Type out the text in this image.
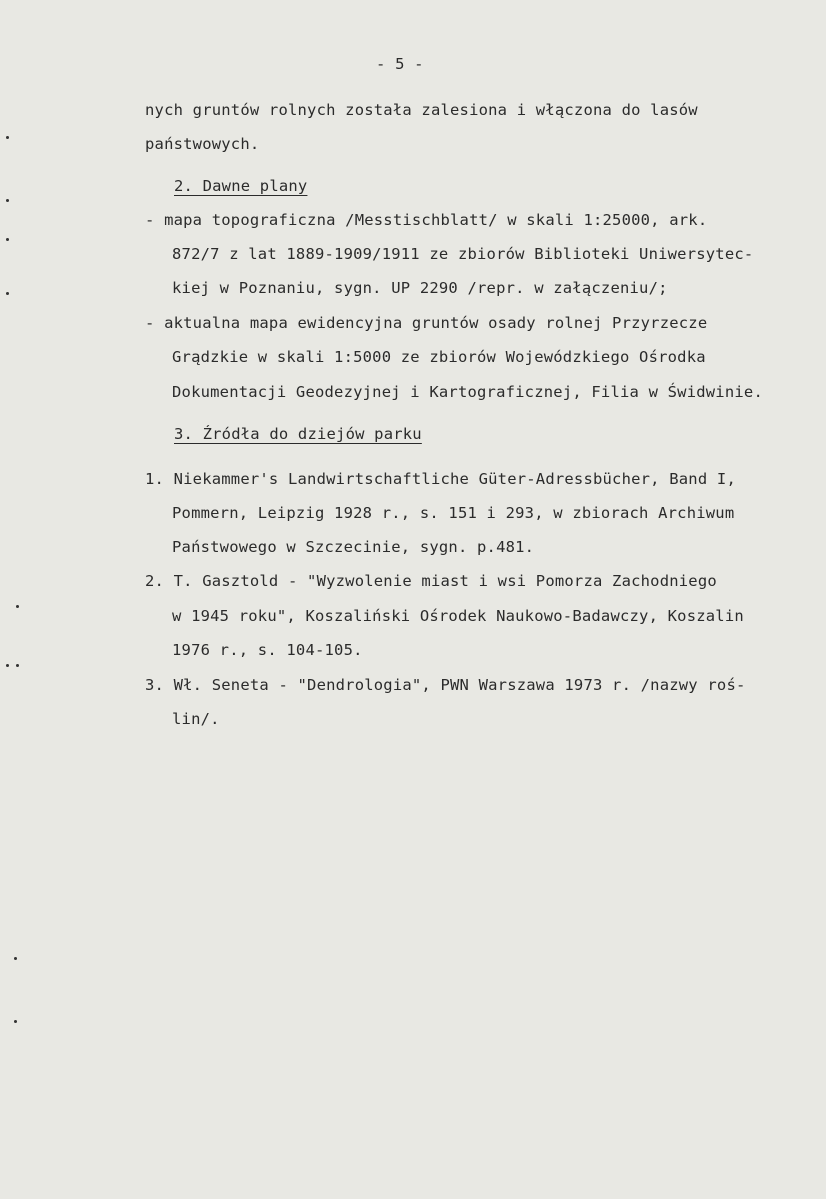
- 5 -
nych gruntów rolnych została zalesiona i włączona do lasów
państwowych.
2. Dawne plany
- mapa topograficzna /Messtischblatt/ w skali 1:25000, ark.
872/7 z lat 1889-1909/1911 ze zbiorów Biblioteki Uniwersytec-
kiej w Poznaniu, sygn. UP 2290 /repr. w załączeniu/;
- aktualna mapa ewidencyjna gruntów osady rolnej Przyrzecze
Grądzkie w skali 1:5000 ze zbiorów Wojewódzkiego Ośrodka
Dokumentacji Geodezyjnej i Kartograficznej, Filia w Świdwinie.
3. Źródła do dziejów parku
1. Niekammer's Landwirtschaftliche Güter-Adressbücher, Band I,
Pommern, Leipzig 1928 r., s. 151 i 293, w zbiorach Archiwum
Państwowego w Szczecinie, sygn. p.481.
2. T. Gasztold - "Wyzwolenie miast i wsi Pomorza Zachodniego
w 1945 roku", Koszaliński Ośrodek Naukowo-Badawczy, Koszalin
1976 r., s. 104-105.
3. Wł. Seneta - "Dendrologia", PWN Warszawa 1973 r. /nazwy roś-
lin/.
